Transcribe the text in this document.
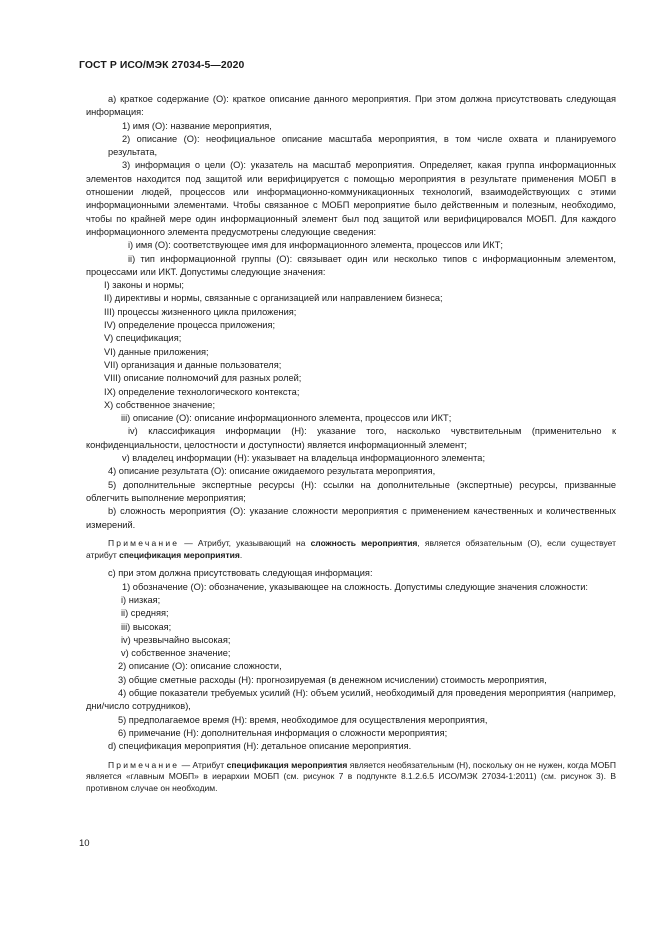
ГОСТ Р ИСО/МЭК 27034-5—2020

а) краткое содержание (О): краткое описание данного мероприятия. При этом должна присутствовать следующая информация:

1) имя (О): название мероприятия,

2) описание (О): неофициальное описание масштаба мероприятия, в том числе охвата и планируемого результата,

3) информация о цели (О): указатель на масштаб мероприятия. Определяет, какая группа информационных элементов находится под защитой или верифицируется с помощью мероприятия в результате применения МОБП в отношении людей, процессов или информационно-коммуникационных технологий, взаимодействующих с этими информационными элементами. Чтобы связанное с МОБП мероприятие было действенным и полезным, необходимо, чтобы по крайней мере один информационный элемент был под защитой или верифицировался МОБП. Для каждого информационного элемента предусмотрены следующие сведения:

i) имя (О): соответствующее имя для информационного элемента, процессов или ИКТ;

ii) тип информационной группы (О): связывает один или несколько типов с информационным элементом, процессами или ИКТ. Допустимы следующие значения:

I) законы и нормы;

II) директивы и нормы, связанные с организацией или направлением бизнеса;

III) процессы жизненного цикла приложения;

IV) определение процесса приложения;

V) спецификация;

VI) данные приложения;

VII) организация и данные пользователя;

VIII) описание полномочий для разных ролей;

IX) определение технологического контекста;

X) собственное значение;

iii) описание (О): описание информационного элемента, процессов или ИКТ;

iv) классификация информации (Н): указание того, насколько чувствительным (применительно к конфиденциальности, целостности и доступности) является информационный элемент;

v) владелец информации (Н): указывает на владельца информационного элемента;

4) описание результата (О): описание ожидаемого результата мероприятия,

5) дополнительные экспертные ресурсы (Н): ссылки на дополнительные (экспертные) ресурсы, призванные облегчить выполнение мероприятия;

b) сложность мероприятия (О): указание сложности мероприятия с применением качественных и количественных измерений.

Примечание — Атрибут, указывающий на сложность мероприятия, является обязательным (О), если существует атрибут спецификация мероприятия.

с) при этом должна присутствовать следующая информация:

1) обозначение (О): обозначение, указывающее на сложность. Допустимы следующие значения сложности:

i) низкая;

ii) средняя;

iii) высокая;

iv) чрезвычайно высокая;

v) собственное значение;

2) описание (О): описание сложности,

3) общие сметные расходы (Н): прогнозируемая (в денежном исчислении) стоимость мероприятия,

4) общие показатели требуемых усилий (Н): объем усилий, необходимый для проведения мероприятия (например, дни/число сотрудников),

5) предполагаемое время (Н): время, необходимое для осуществления мероприятия,

6) примечание (Н): дополнительная информация о сложности мероприятия;

d) спецификация мероприятия (Н): детальное описание мероприятия.

Примечание — Атрибут спецификация мероприятия является необязательным (Н), поскольку он не нужен, когда МОБП является «главным МОБП» в иерархии МОБП (см. рисунок 7 в подпункте 8.1.2.6.5 ИСО/МЭК 27034-1:2011) (см. рисунок 3). В противном случае он необходим.

10
